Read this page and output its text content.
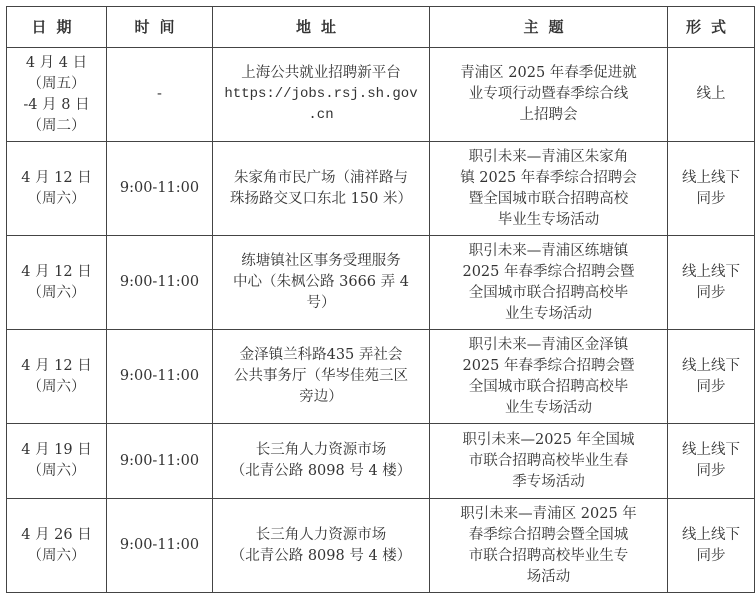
日期	时间	地址	主题	形式

4 月 4 日
（周五）
-4 月 8 日
（周二）	-	上海公共就业招聘新平台
https://jobs.rsj.sh.gov
.cn	青浦区 2025 年春季促进就
业专项行动暨春季综合线
上招聘会	线上

4 月 12 日
（周六）	9:00-11:00	朱家角市民广场（浦祥路与
珠扬路交叉口东北 150 米）	职引未来—青浦区朱家角
镇 2025 年春季综合招聘会
暨全国城市联合招聘高校
毕业生专场活动	线上线下
同步

4 月 12 日
（周六）	9:00-11:00	练塘镇社区事务受理服务
中心（朱枫公路 3666 弄 4
号）	职引未来—青浦区练塘镇
2025 年春季综合招聘会暨
全国城市联合招聘高校毕
业生专场活动	线上线下
同步

4 月 12 日
（周六）	9:00-11:00	金泽镇兰科路435 弄社会
公共事务厅（华岑佳苑三区
旁边）	职引未来—青浦区金泽镇
2025 年春季综合招聘会暨
全国城市联合招聘高校毕
业生专场活动	线上线下
同步

4 月 19 日
（周六）	9:00-11:00	长三角人力资源市场
（北青公路 8098 号 4 楼）	职引未来—2025 年全国城
市联合招聘高校毕业生春
季专场活动	线上线下
同步

4 月 26 日
（周六）	9:00-11:00	长三角人力资源市场
（北青公路 8098 号 4 楼）	职引未来—青浦区 2025 年
春季综合招聘会暨全国城
市联合招聘高校毕业生专
场活动	线上线下
同步
